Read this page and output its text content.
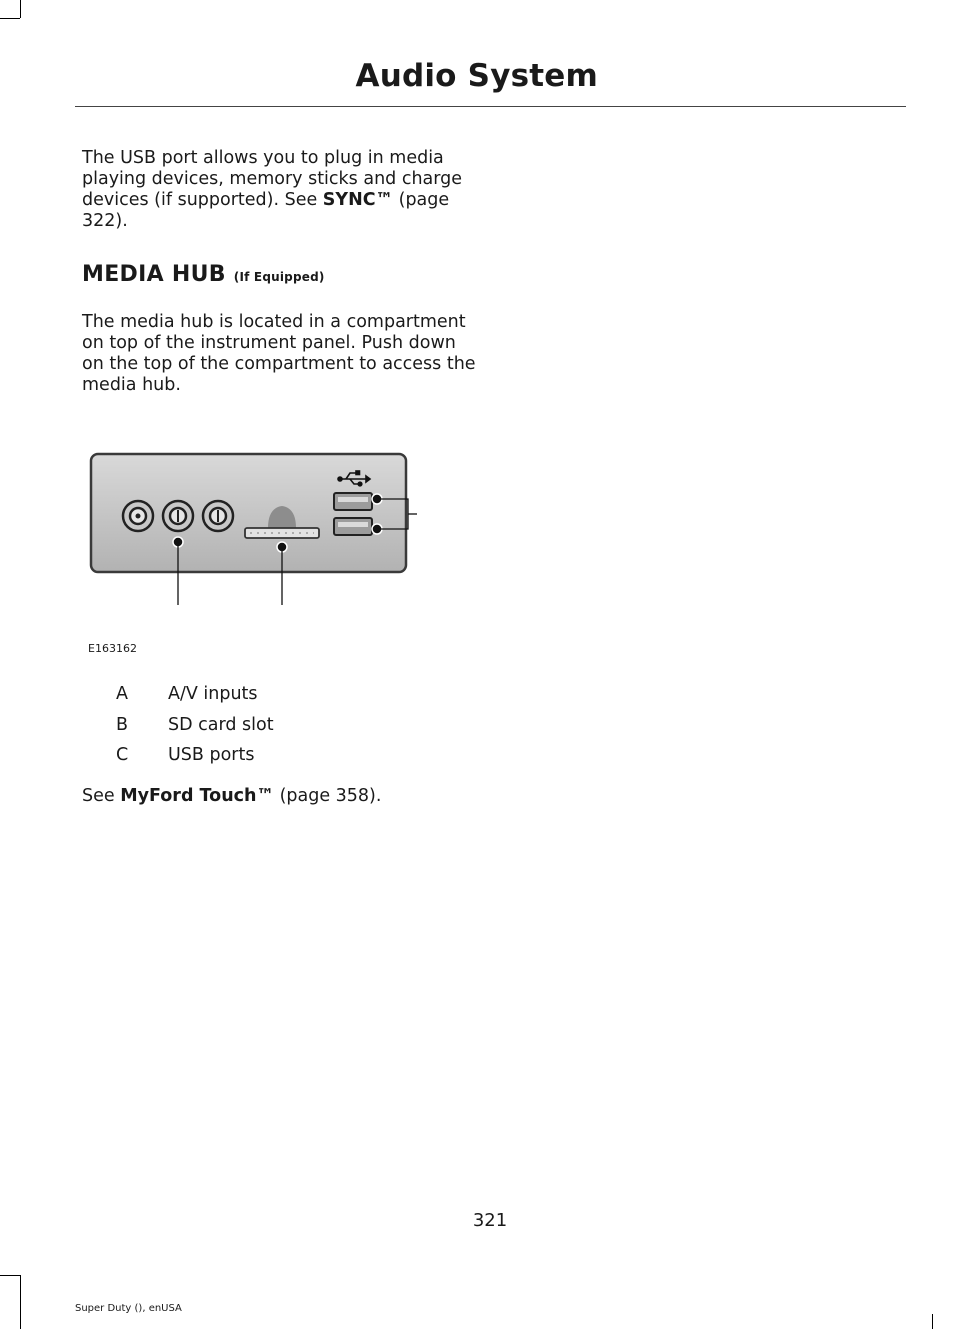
Audio System

The USB port allows you to plug in media playing devices, memory sticks and charge devices (if supported). See SYNC™ (page 322).

MEDIA HUB (If Equipped)

The media hub is located in a compartment on top of the instrument panel. Push down on the top of the compartment to access the media hub.

E163162
A	A/V inputs
B	SD card slot
C	USB ports

See MyFord Touch™ (page 358).

321
Super Duty (), enUSA
